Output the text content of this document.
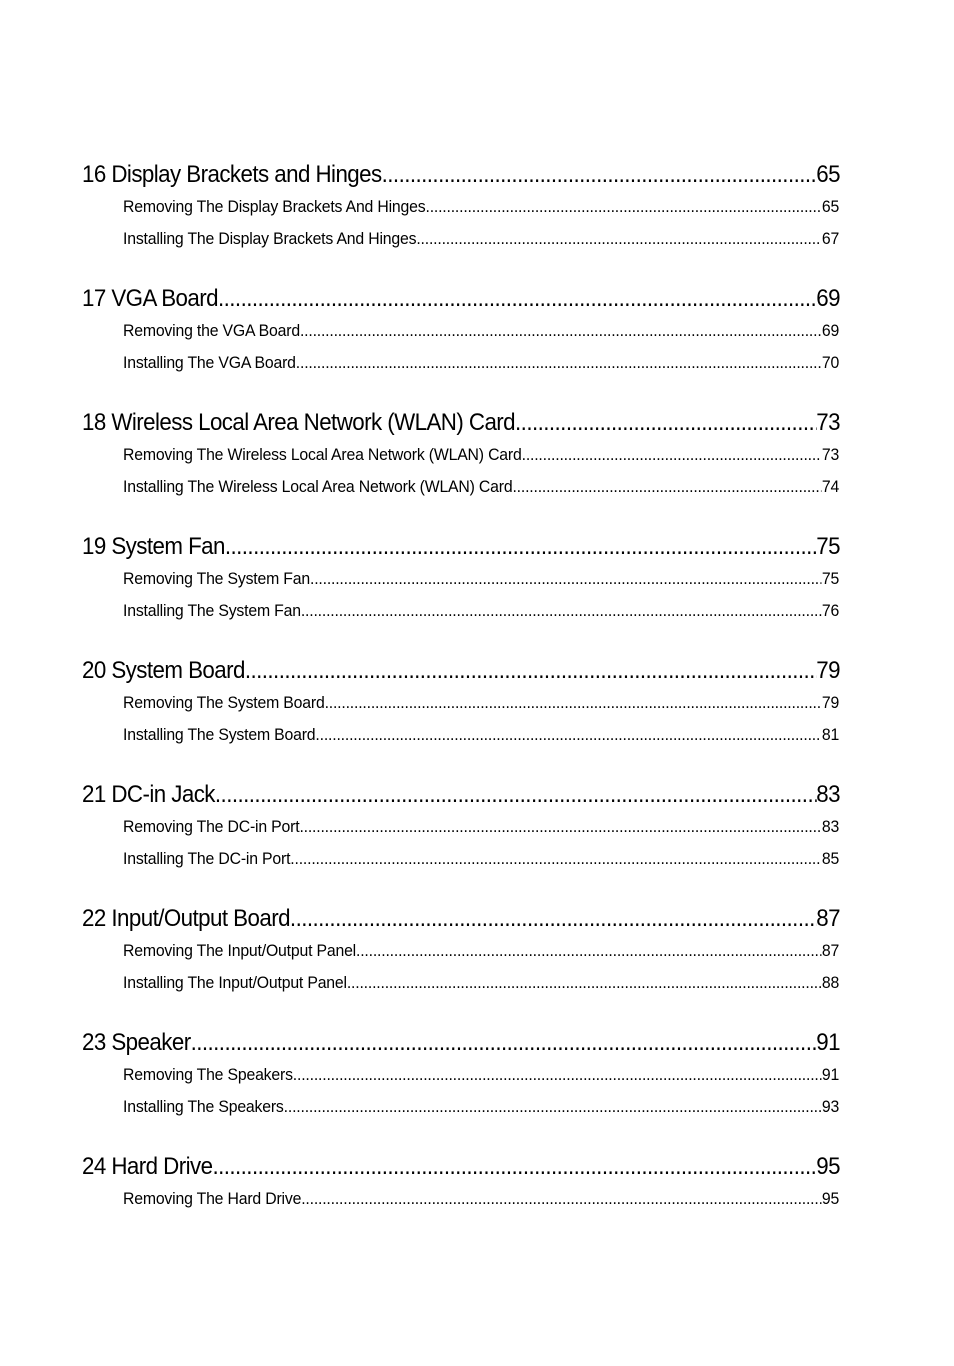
16 Display Brackets and Hinges .....	65
Removing The Display Brackets And Hinges .....	65
Installing The Display Brackets And Hinges .....	67
17 VGA Board .....	69
Removing the VGA Board .....	69
Installing The VGA Board .....	70
18 Wireless Local Area Network (WLAN) Card .....	73
Removing The Wireless Local Area Network (WLAN) Card .....	73
Installing The Wireless Local Area Network (WLAN) Card .....	74
19 System Fan .....	75
Removing The System Fan .....	75
Installing The System Fan .....	76
20 System Board .....	79
Removing The System Board .....	79
Installing The System Board .....	81
21 DC-in Jack .....	83
Removing The DC-in Port .....	83
Installing The DC-in Port .....	85
22 Input/Output Board .....	87
Removing The Input/Output Panel .....	87
Installing The Input/Output Panel .....	88
23 Speaker .....	91
Removing The Speakers .....	91
Installing The Speakers .....	93
24 Hard Drive .....	95
Removing The Hard Drive .....	95
